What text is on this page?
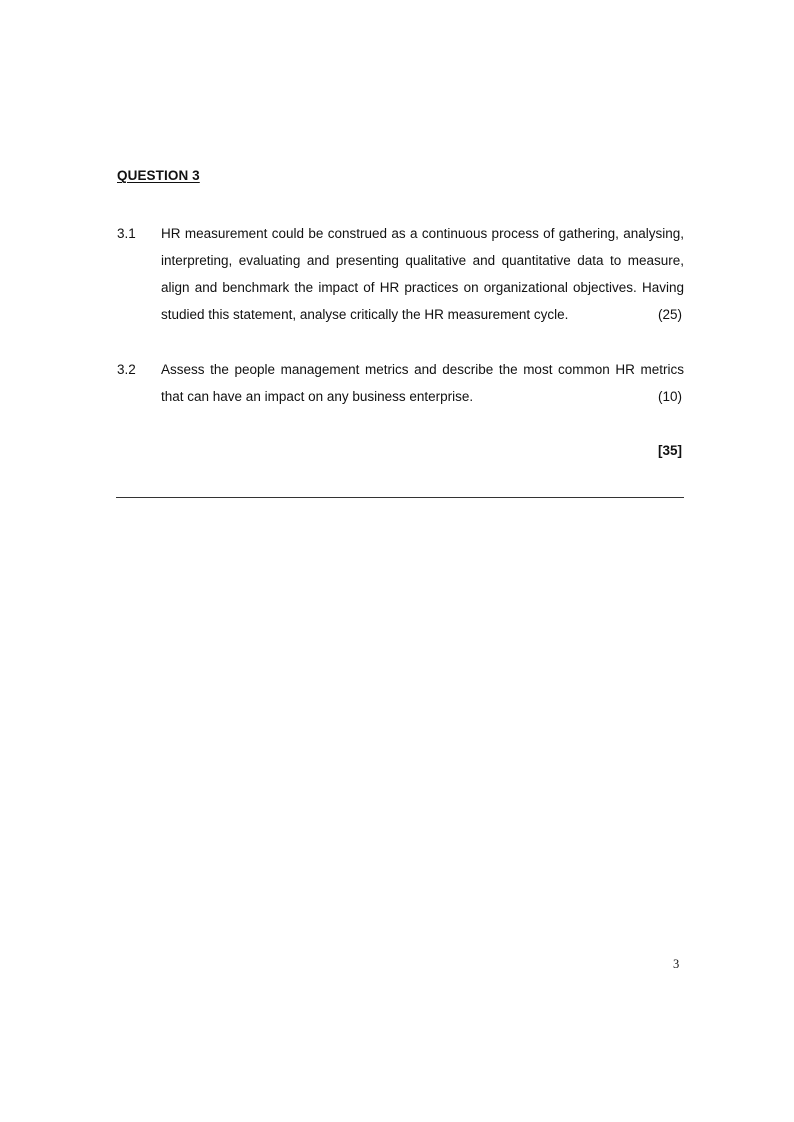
QUESTION 3
3.1 HR measurement could be construed as a continuous process of gathering, analysing,
interpreting, evaluating and presenting qualitative and quantitative data to measure,
align and benchmark the impact of HR practices on organizational objectives. Having
studied this statement, analyse critically the HR measurement cycle.	(25)
3.2 Assess the people management metrics and describe the most common HR metrics
that can have an impact on any business enterprise.	(10)
[35]
3
